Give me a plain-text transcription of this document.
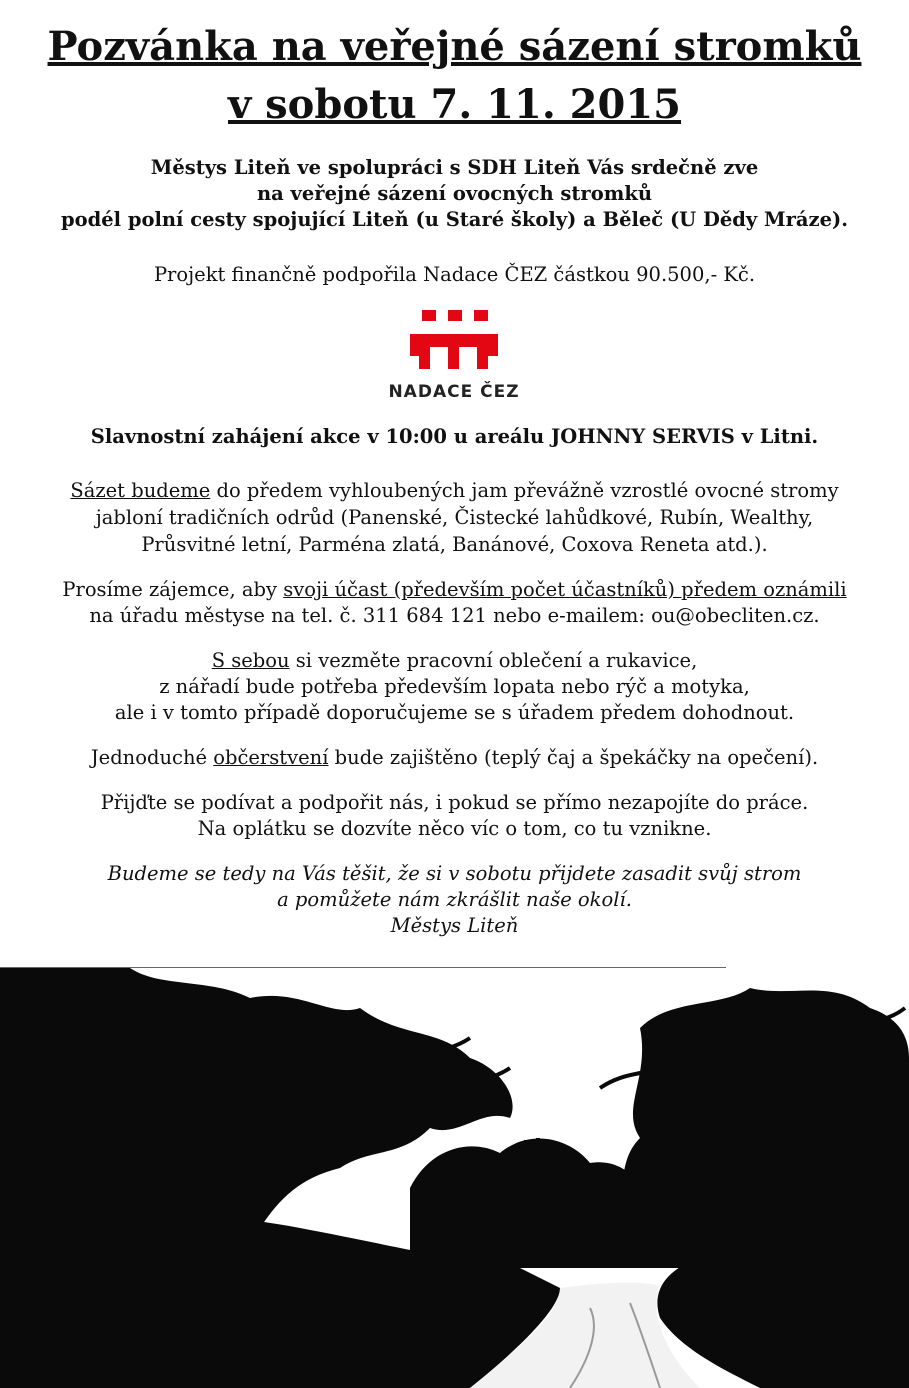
Pozvánka na veřejné sázení stromků
v sobotu 7. 11. 2015

Městys Liteň ve spolupráci s SDH Liteň Vás srdečně zve

na veřejné sázení ovocných stromků

podél polní cesty spojující Liteň (u Staré školy) a Běleč (U Dědy Mráze).

Projekt finančně podpořila Nadace ČEZ částkou 90.500,- Kč.

NADACE ČEZ

Slavnostní zahájení akce v 10:00 u areálu JOHNNY SERVIS v Litni.

Sázet budeme do předem vyhloubených jam převážně vzrostlé ovocné stromy

jabloní tradičních odrůd (Panenské, Čistecké lahůdkové, Rubín, Wealthy,

Průsvitné letní, Parména zlatá, Banánové, Coxova Reneta atd.).

Prosíme zájemce, aby svoji účast (především počet účastníků) předem oznámili

na úřadu městyse na tel. č. 311 684 121 nebo e-mailem: ou@obecliten.cz.

S sebou si vezměte pracovní oblečení a rukavice,

z nářadí bude potřeba především lopata nebo rýč a motyka,

ale i v tomto případě doporučujeme se s úřadem předem dohodnout.

Jednoduché občerstvení bude zajištěno (teplý čaj a špekáčky na opečení).

Přijďte se podívat a podpořit nás, i pokud se přímo nezapojíte do práce.

Na oplátku se dozvíte něco víc o tom, co tu vznikne.

Budeme se tedy na Vás těšit, že si v sobotu přijdete zasadit svůj strom

a pomůžete nám zkrášlit naše okolí.

Městys Liteň
